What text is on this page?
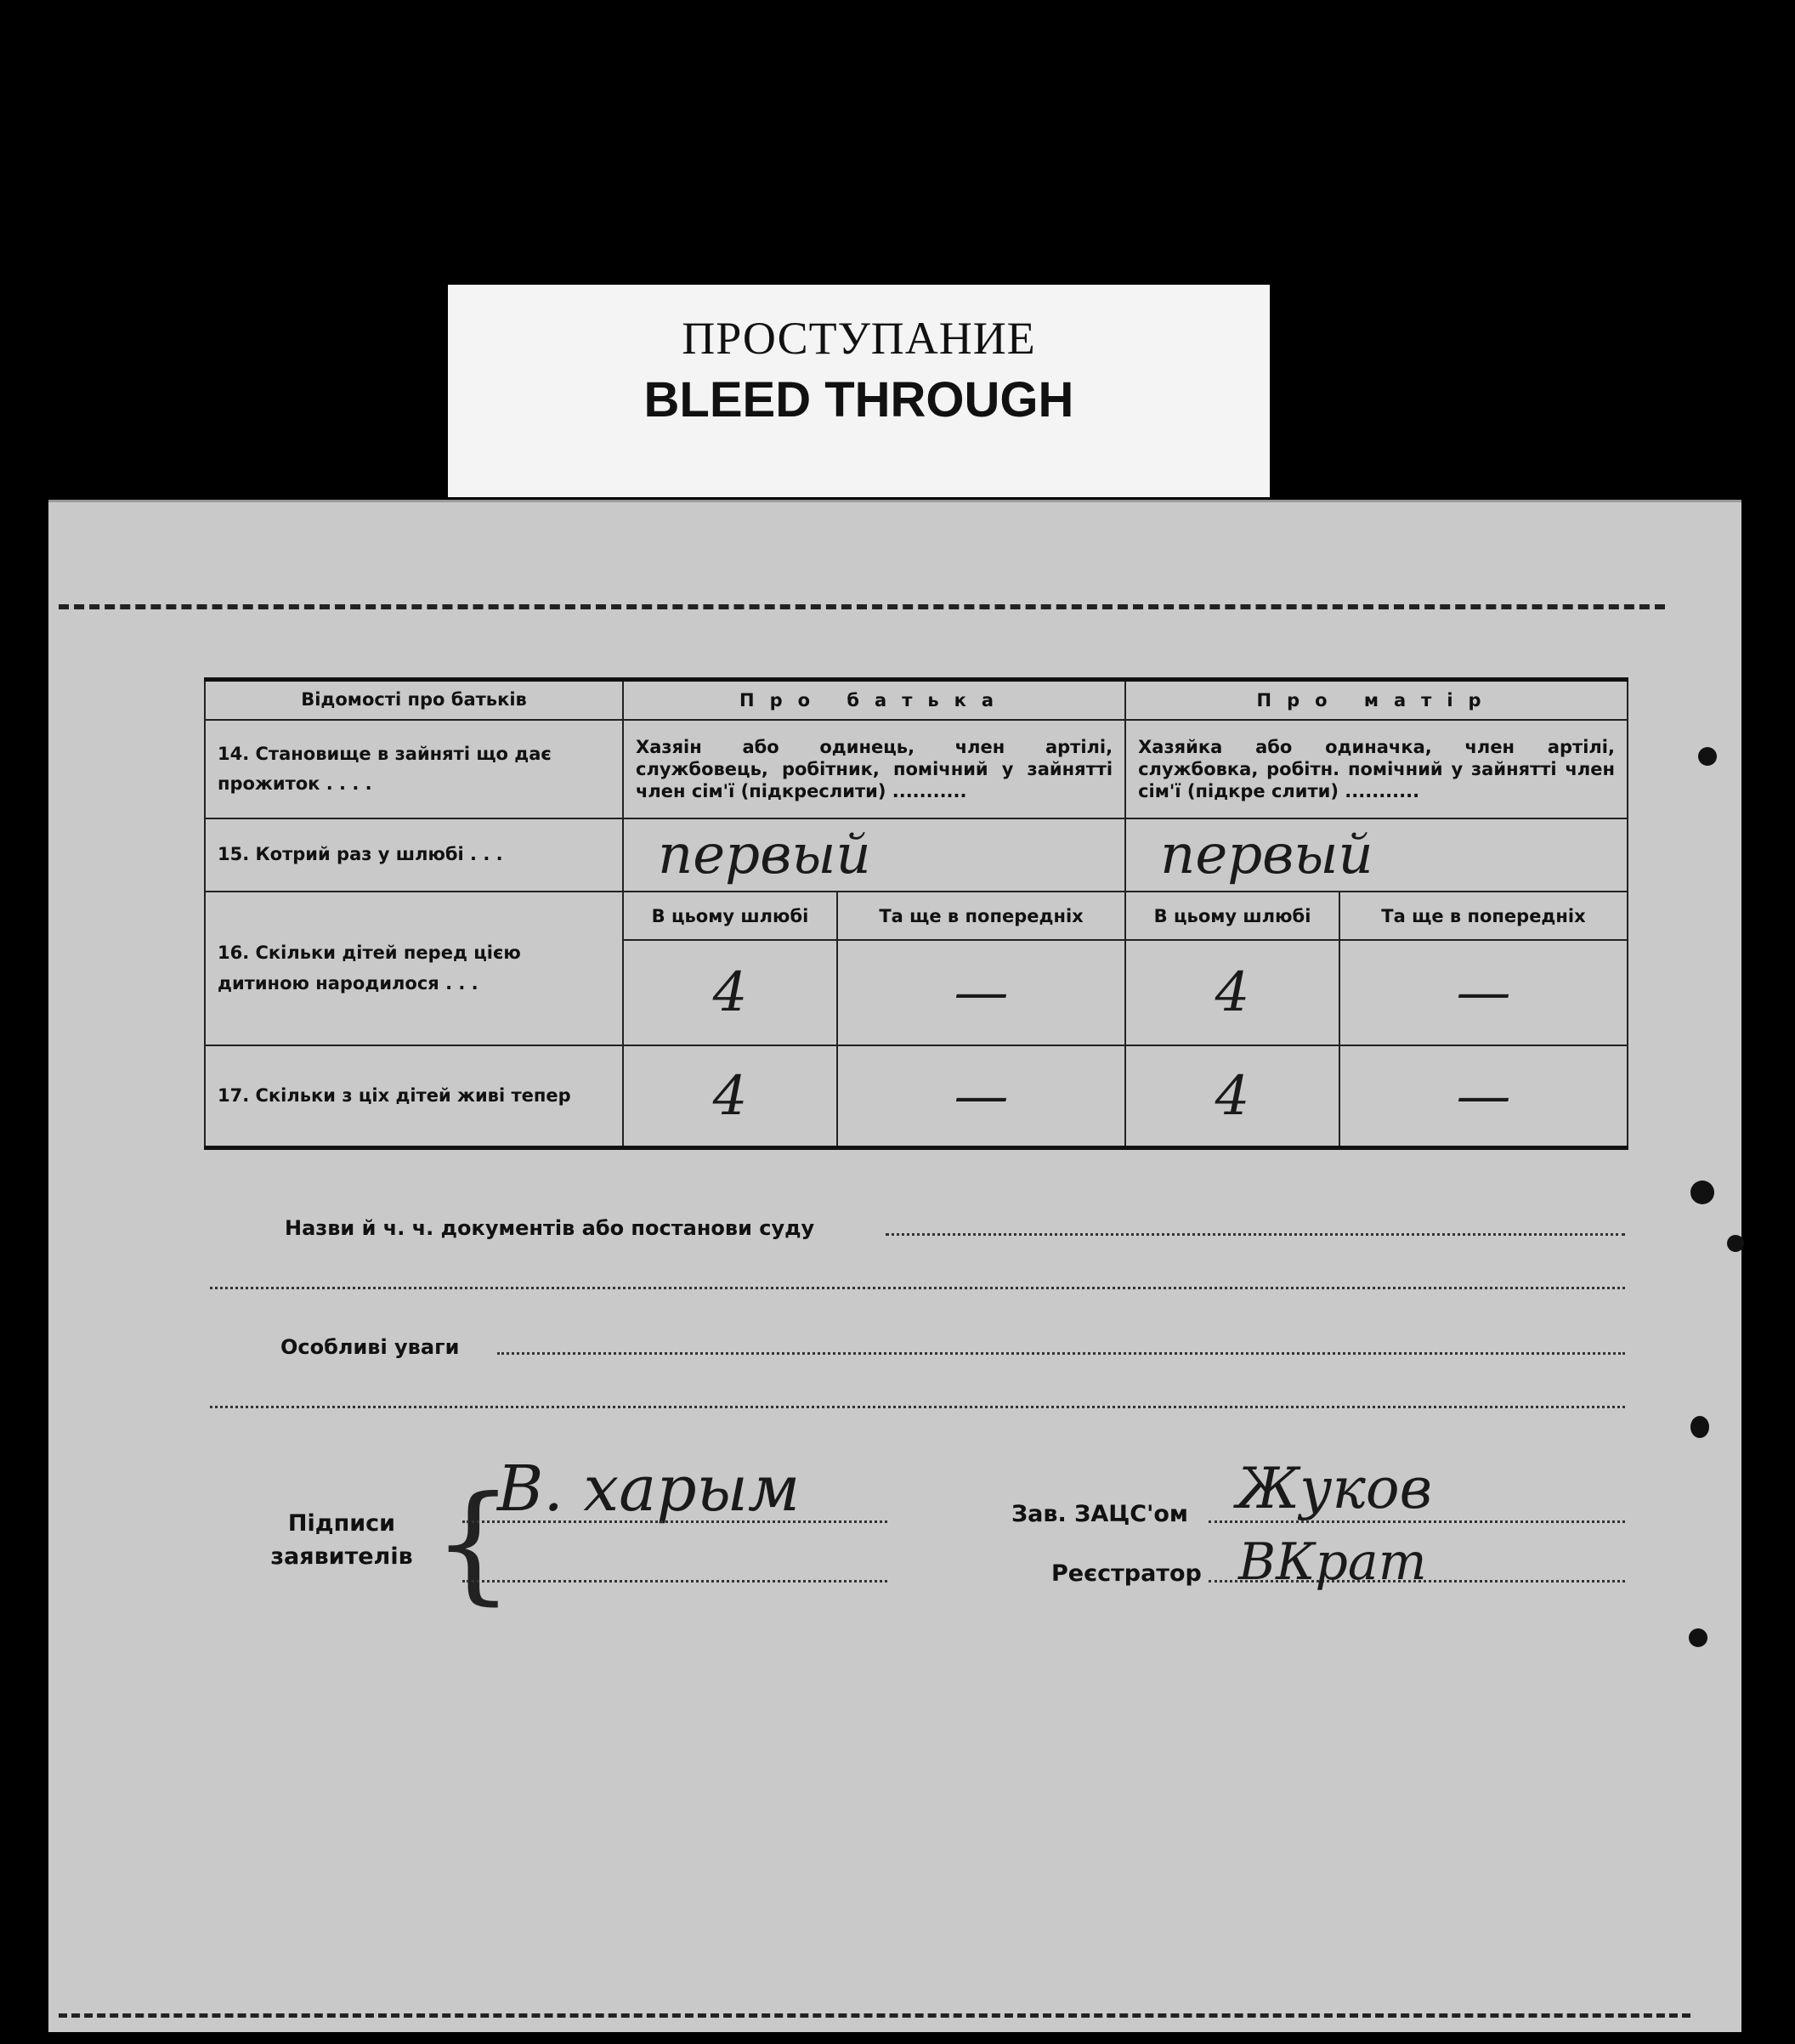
ПРОСТУПАНИЕ
BLEED THROUGH
Відомості про батьків	Про батька		Про матір	
14. Становище в зайняті що дає прожиток . . . .	Хазяін або одинець, член артілі, службовець, робітник, помічний у зайнятті член сім'ї (підкреслити) ...........		Хазяйка або одиначка, член артілі, службовка, робітн. помічний у зайнятті член сім'ї (підкре слити) ...........	
15. Котрий раз у шлюбі . . .	первый		первый	
16. Скільки дітей перед цією дитиною народилося . . .	В цьому шлюбі	Та ще в попередніх	В цьому шлюбі	Та ще в попередніх
	4	—	4	—
17. Скільки з ціх дітей живі тепер	4	—	4	—
Назви й ч. ч. документів або постанови суду
Особливі уваги
Підписи заявителів {
В. харым	Зав. ЗАЦС'ом Жуков
Реєстратор ВКрат
